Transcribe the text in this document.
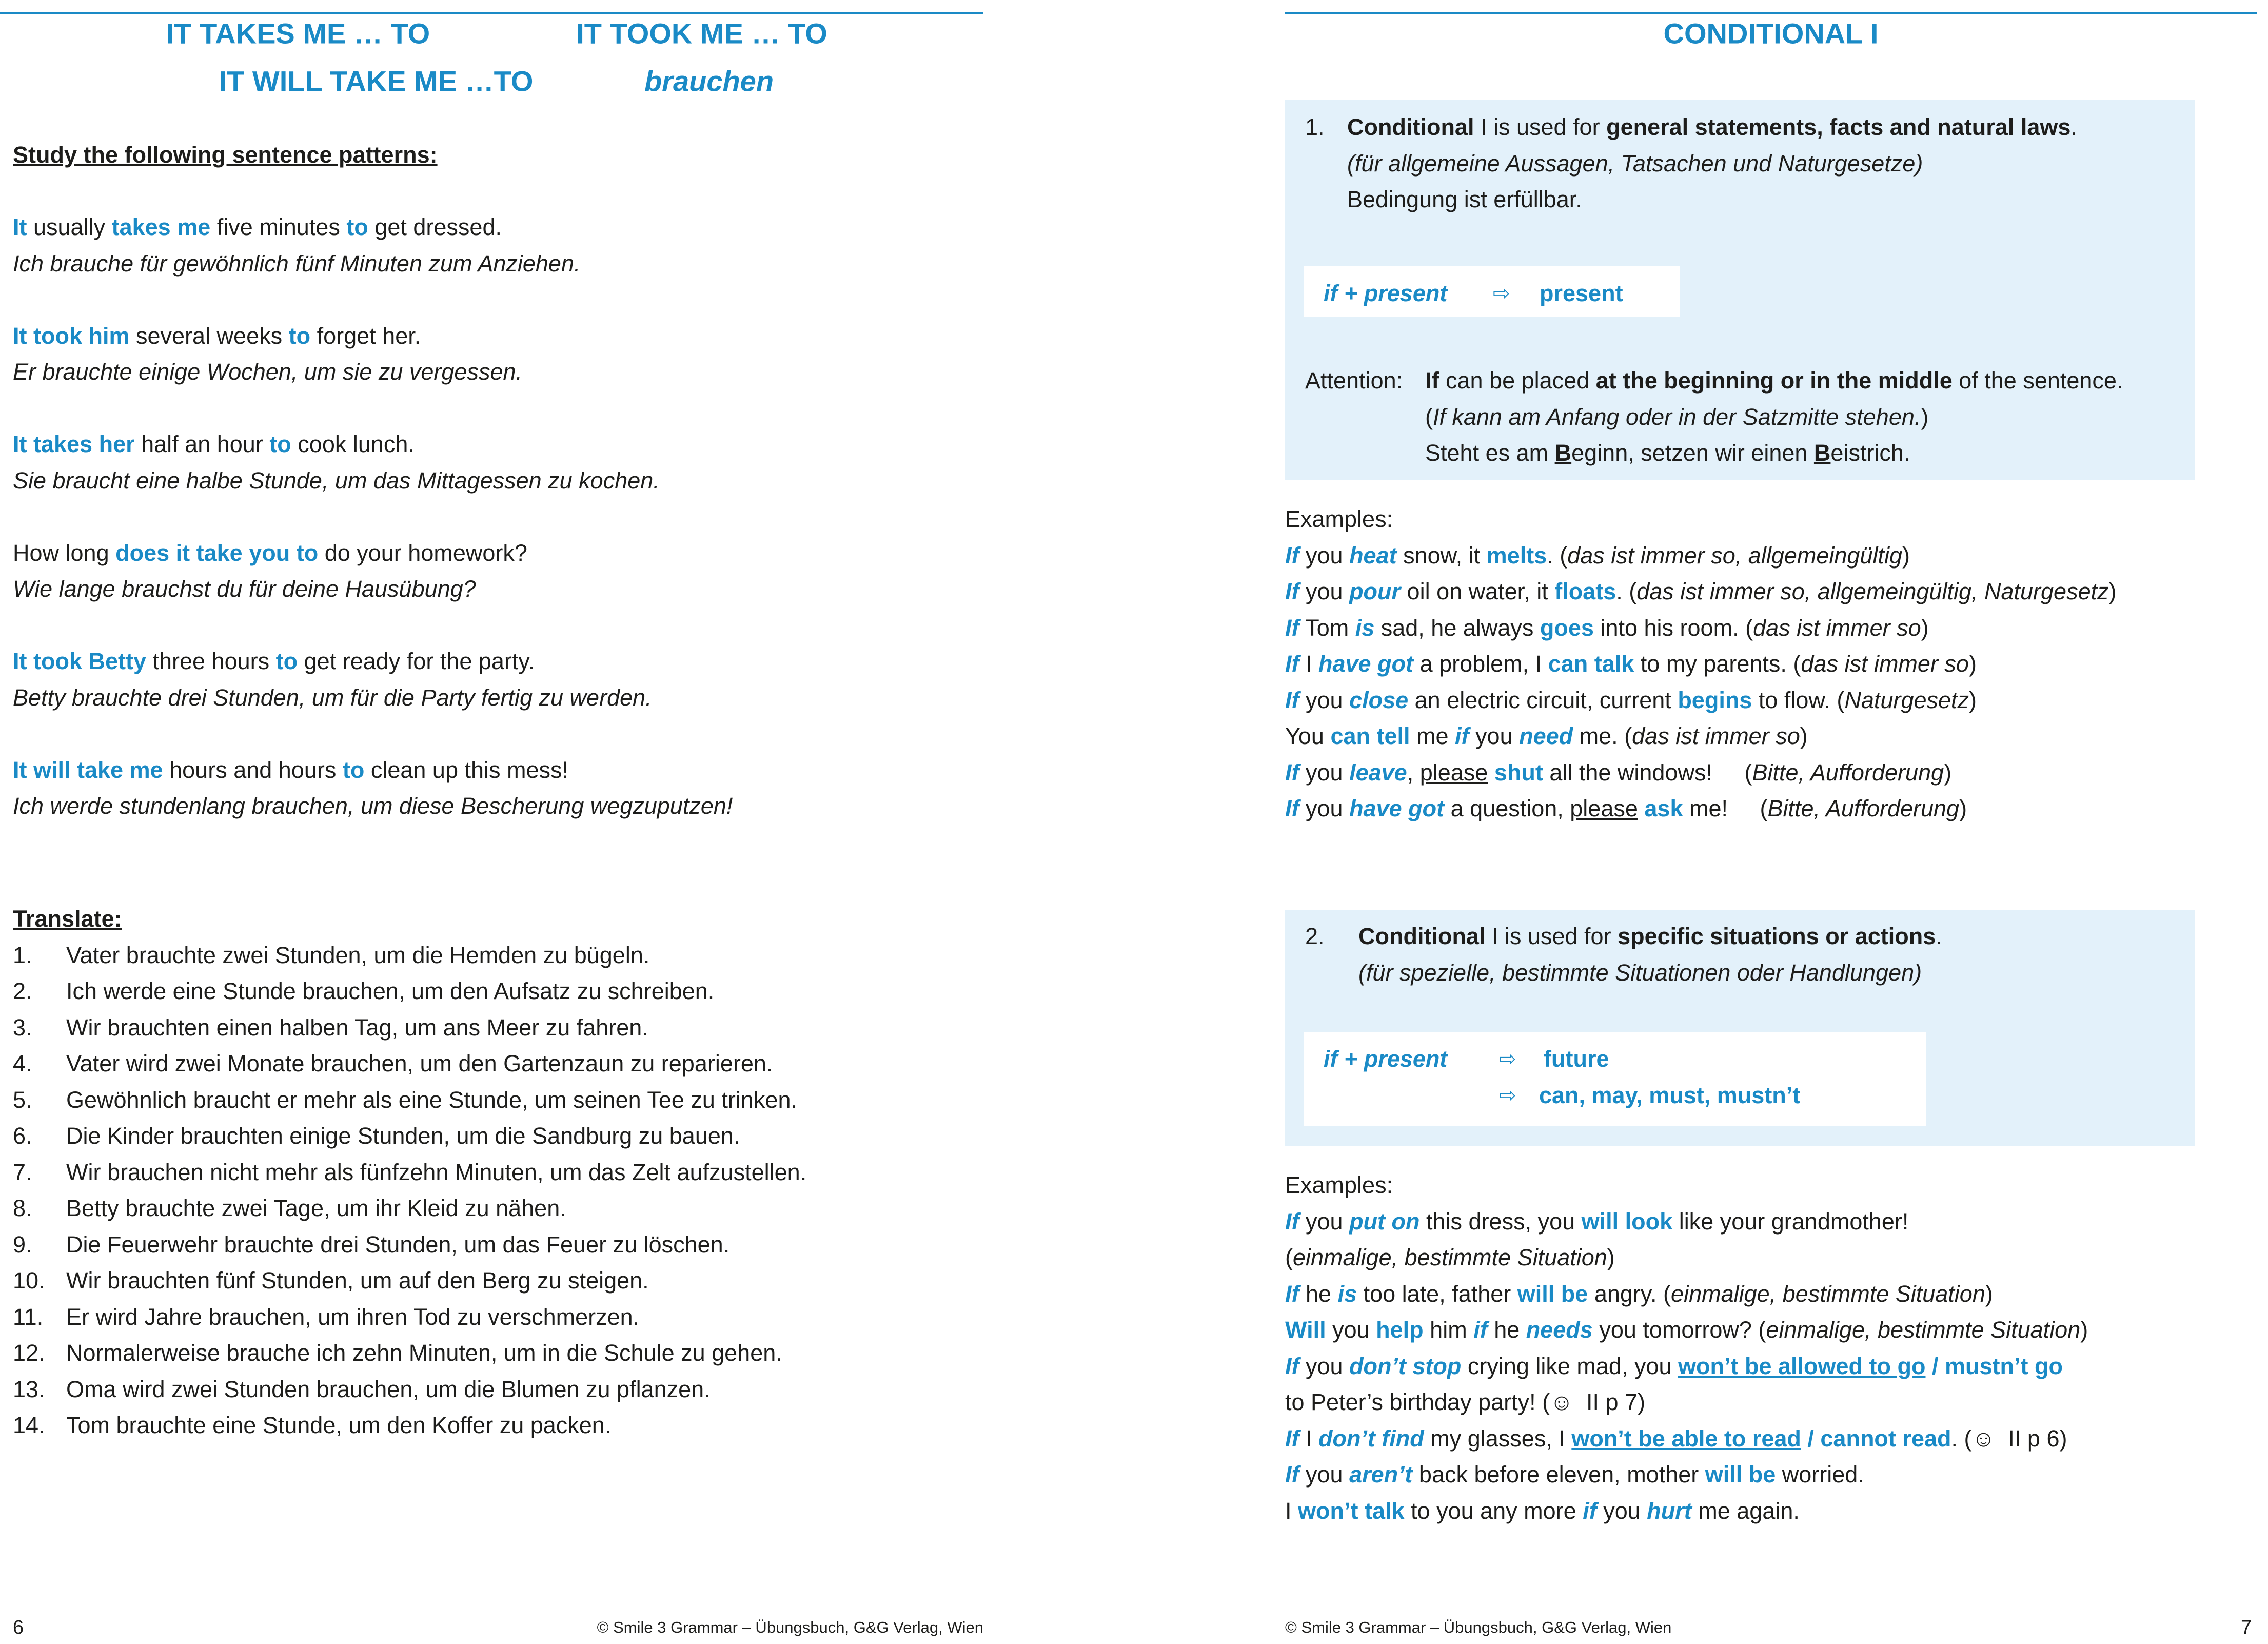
IT TAKES ME … TO	IT TOOK ME … TO
IT WILL TAKE ME …TO	brauchen
Study the following sentence patterns:
It usually takes me five minutes to get dressed.
Ich brauche für gewöhnlich fünf Minuten zum Anziehen.
It took him several weeks to forget her.
Er brauchte einige Wochen, um sie zu vergessen.
It takes her half an hour to cook lunch.
Sie braucht eine halbe Stunde, um das Mittagessen zu kochen.
How long does it take you to do your homework?
Wie lange brauchst du für deine Hausübung?
It took Betty three hours to get ready for the party.
Betty brauchte drei Stunden, um für die Party fertig zu werden.
It will take me hours and hours to clean up this mess!
Ich werde stundenlang brauchen, um diese Bescherung wegzuputzen!
Translate:
1. Vater brauchte zwei Stunden, um die Hemden zu bügeln.
2. Ich werde eine Stunde brauchen, um den Aufsatz zu schreiben.
3. Wir brauchten einen halben Tag, um ans Meer zu fahren.
4. Vater wird zwei Monate brauchen, um den Gartenzaun zu reparieren.
5. Gewöhnlich braucht er mehr als eine Stunde, um seinen Tee zu trinken.
6. Die Kinder brauchten einige Stunden, um die Sandburg zu bauen.
7. Wir brauchen nicht mehr als fünfzehn Minuten, um das Zelt aufzustellen.
8. Betty brauchte zwei Tage, um ihr Kleid zu nähen.
9. Die Feuerwehr brauchte drei Stunden, um das Feuer zu löschen.
10. Wir brauchten fünf Stunden, um auf den Berg zu steigen.
11. Er wird Jahre brauchen, um ihren Tod zu verschmerzen.
12. Normalerweise brauche ich zehn Minuten, um in die Schule zu gehen.
13. Oma wird zwei Stunden brauchen, um die Blumen zu pflanzen.
14. Tom brauchte eine Stunde, um den Koffer zu packen.
6	© Smile 3 Grammar – Übungsbuch, G&G Verlag, Wien
CONDITIONAL I
1. Conditional I is used for general statements, facts and natural laws.
(für allgemeine Aussagen, Tatsachen und Naturgesetze)
Bedingung ist erfüllbar.
if + present ⇨ present
Attention: If can be placed at the beginning or in the middle of the sentence.
(If kann am Anfang oder in der Satzmitte stehen.)
Steht es am Beginn, setzen wir einen Beistrich.
Examples:
If you heat snow, it melts. (das ist immer so, allgemeingültig)
If you pour oil on water, it floats. (das ist immer so, allgemeingültig, Naturgesetz)
If Tom is sad, he always goes into his room. (das ist immer so)
If I have got a problem, I can talk to my parents. (das ist immer so)
If you close an electric circuit, current begins to flow. (Naturgesetz)
You can tell me if you need me. (das ist immer so)
If you leave, please shut all the windows!     (Bitte, Aufforderung)
If you have got a question, please ask me!     (Bitte, Aufforderung)
2. Conditional I is used for specific situations or actions.
(für spezielle, bestimmte Situationen oder Handlungen)
if + present	⇨ future
⇨ can, may, must, mustn’t
Examples:
If you put on this dress, you will look like your grandmother!
(einmalige, bestimmte Situation)
If he is too late, father will be angry. (einmalige, bestimmte Situation)
Will you help him if he needs you tomorrow? (einmalige, bestimmte Situation)
If you don’t stop crying like mad, you won’t be allowed to go / mustn’t go
to Peter’s birthday party! (☺  II p 7)
If I don’t find my glasses, I won’t be able to read / cannot read. (☺  II p 6)
If you aren’t back before eleven, mother will be worried.
I won’t talk to you any more if you hurt me again.
© Smile 3 Grammar – Übungsbuch, G&G Verlag, Wien	7
